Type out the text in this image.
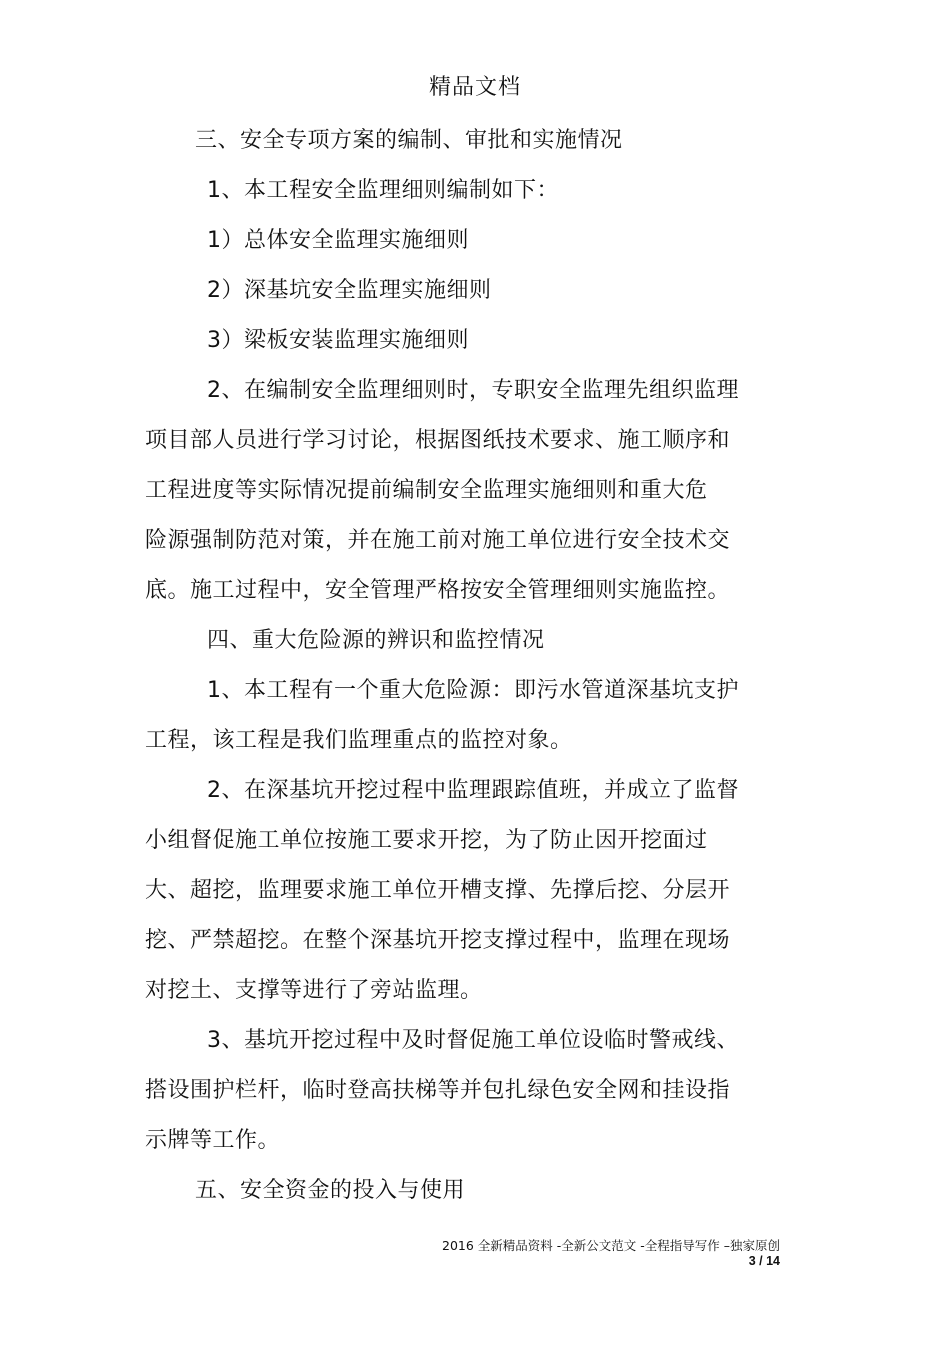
精品文档
三、安全专项方案的编制、审批和实施情况
1、本工程安全监理细则编制如下：
1）总体安全监理实施细则
2）深基坑安全监理实施细则
3）梁板安装监理实施细则
2、在编制安全监理细则时，专职安全监理先组织监理
项目部人员进行学习讨论，根据图纸技术要求、施工顺序和
工程进度等实际情况提前编制安全监理实施细则和重大危
险源强制防范对策，并在施工前对施工单位进行安全技术交
底。施工过程中，安全管理严格按安全管理细则实施监控。
四、重大危险源的辨识和监控情况
1、本工程有一个重大危险源：即污水管道深基坑支护
工程，该工程是我们监理重点的监控对象。
2、在深基坑开挖过程中监理跟踪值班，并成立了监督
小组督促施工单位按施工要求开挖，为了防止因开挖面过
大、超挖，监理要求施工单位开槽支撑、先撑后挖、分层开
挖、严禁超挖。在整个深基坑开挖支撑过程中，监理在现场
对挖土、支撑等进行了旁站监理。
3、基坑开挖过程中及时督促施工单位设临时警戒线、
搭设围护栏杆，临时登高扶梯等并包扎绿色安全网和挂设指
示牌等工作。
五、安全资金的投入与使用
2016 全新精品资料 -全新公文范文 -全程指导写作 –独家原创
3 / 14
